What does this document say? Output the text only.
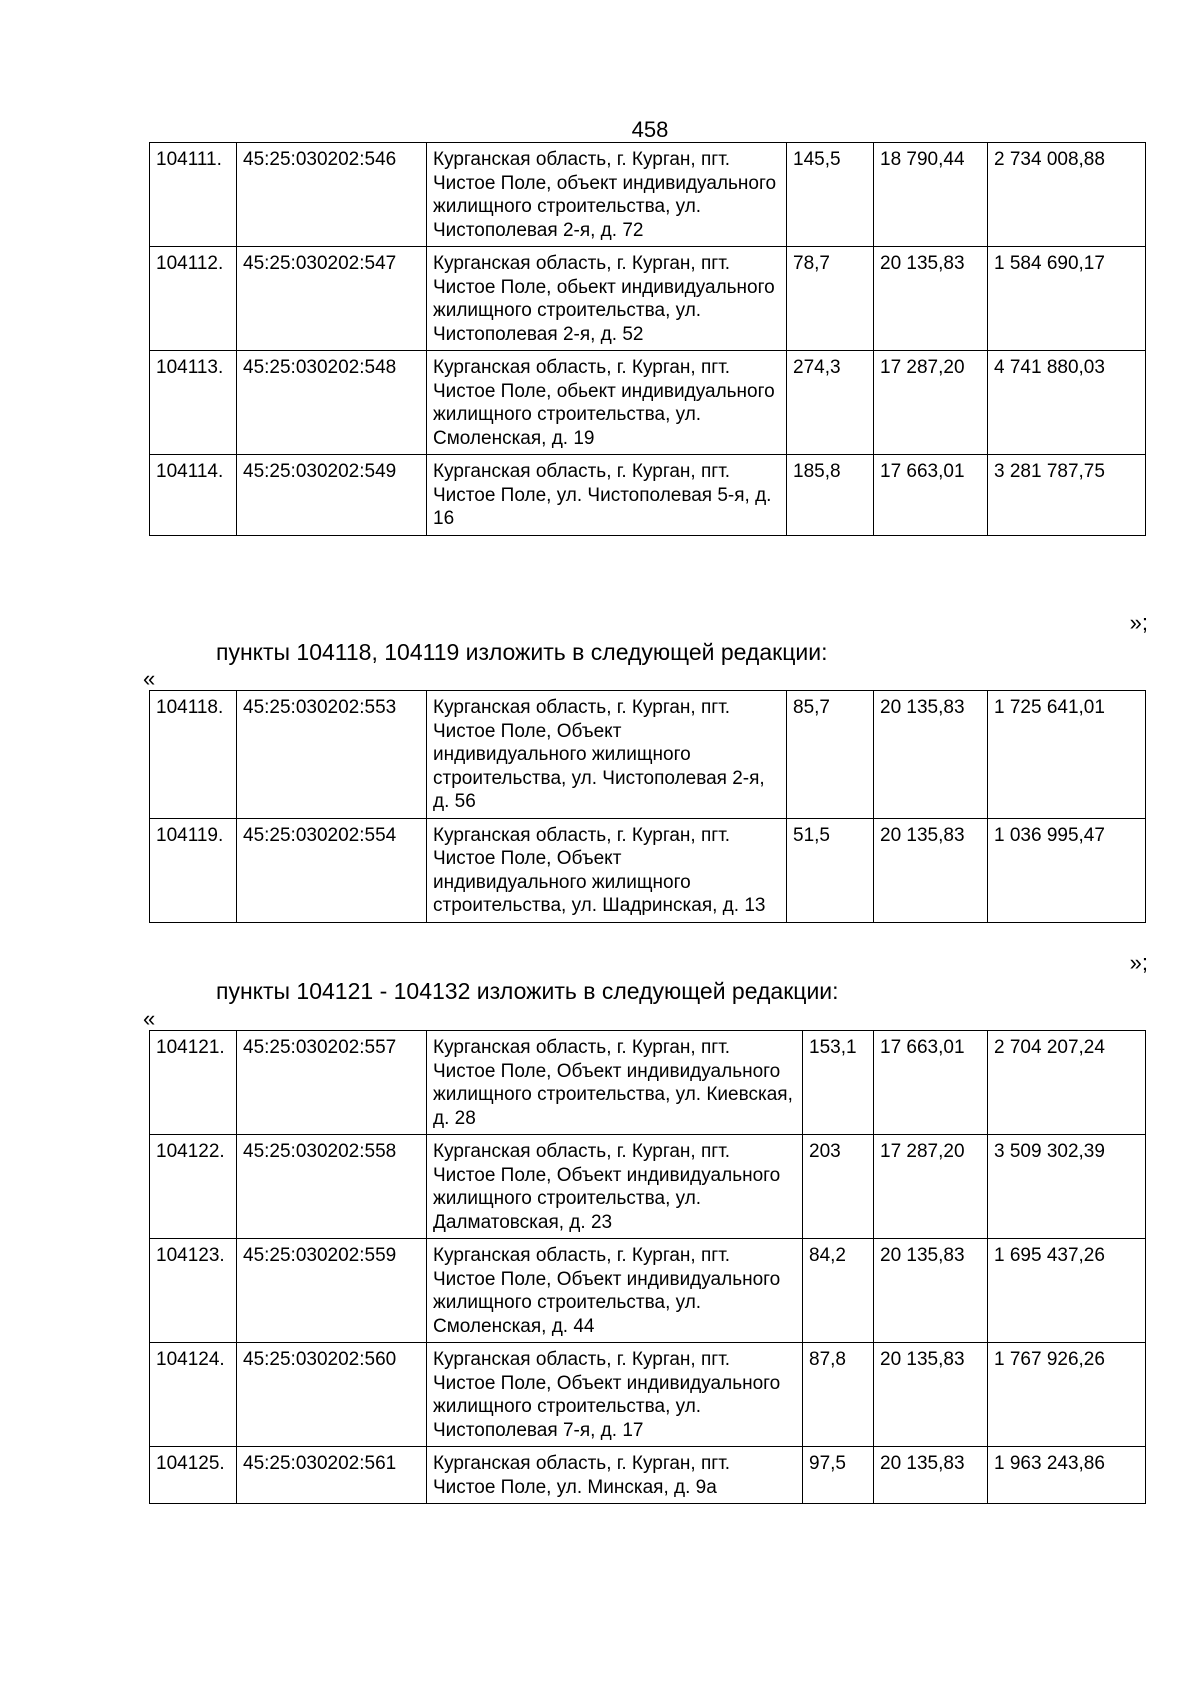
458
104111.	45:25:030202:546	Курганская область, г. Курган, пгт. Чистое Поле, объект индивидуального жилищного строительства, ул. Чистополевая 2-я, д. 72	145,5	18 790,44	2 734 008,88
104112.	45:25:030202:547	Курганская область, г. Курган, пгт. Чистое Поле, обьект индивидуального жилищного строительства, ул. Чистополевая 2-я, д. 52	78,7	20 135,83	1 584 690,17
104113.	45:25:030202:548	Курганская область, г. Курган, пгт. Чистое Поле, обьект индивидуального жилищного строительства, ул. Смоленская, д. 19	274,3	17 287,20	4 741 880,03
104114.	45:25:030202:549	Курганская область, г. Курган, пгт. Чистое Поле, ул. Чистополевая 5-я, д. 16	185,8	17 663,01	3 281 787,75
»;
пункты 104118, 104119 изложить в следующей редакции:
«
104118.	45:25:030202:553	Курганская область, г. Курган, пгт. Чистое Поле, Объект индивидуального жилищного строительства, ул. Чистополевая 2-я, д. 56	85,7	20 135,83	1 725 641,01
104119.	45:25:030202:554	Курганская область, г. Курган, пгт. Чистое Поле, Объект индивидуального жилищного строительства, ул. Шадринская, д. 13	51,5	20 135,83	1 036 995,47
»;
пункты 104121 - 104132 изложить в следующей редакции:
«
104121.	45:25:030202:557	Курганская область, г. Курган, пгт. Чистое Поле, Объект индивидуального жилищного строительства, ул. Киевская, д. 28	153,1	17 663,01	2 704 207,24
104122.	45:25:030202:558	Курганская область, г. Курган, пгт. Чистое Поле, Объект индивидуального жилищного строительства, ул. Далматовская, д. 23	203	17 287,20	3 509 302,39
104123.	45:25:030202:559	Курганская область, г. Курган, пгт. Чистое Поле, Объект индивидуального жилищного строительства, ул. Смоленская, д. 44	84,2	20 135,83	1 695 437,26
104124.	45:25:030202:560	Курганская область, г. Курган, пгт. Чистое Поле, Объект индивидуального жилищного строительства, ул. Чистополевая 7-я, д. 17	87,8	20 135,83	1 767 926,26
104125.	45:25:030202:561	Курганская область, г. Курган, пгт. Чистое Поле, ул. Минская, д. 9а	97,5	20 135,83	1 963 243,86
